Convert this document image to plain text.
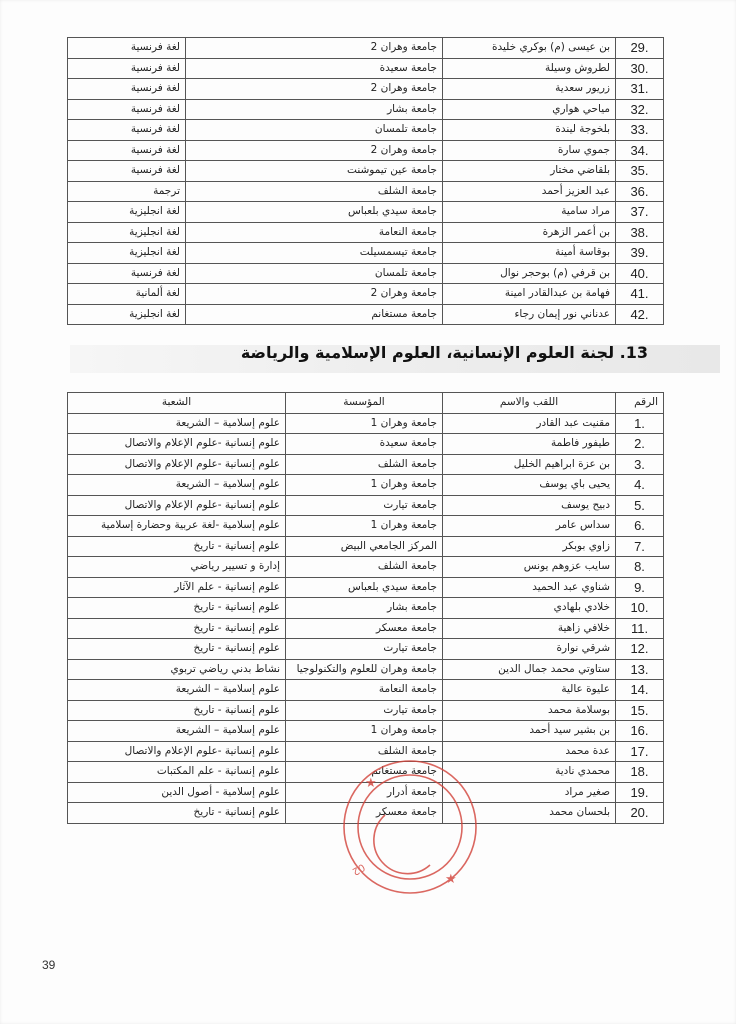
.29	بن عيسى (م) بوكري خليدة	جامعة وهران 2	لغة فرنسية
.30	لطروش وسيلة	جامعة سعيدة	لغة فرنسية
.31	زريور سعدية	جامعة وهران 2	لغة فرنسية
.32	مياحي هواري	جامعة بشار	لغة فرنسية
.33	بلخوجة ليندة	جامعة تلمسان	لغة فرنسية
.34	جموي سارة	جامعة وهران 2	لغة فرنسية
.35	بلقاضي مختار	جامعة عين تيموشنت	لغة فرنسية
.36	عبد العزيز أحمد	جامعة الشلف	ترجمة
.37	مراد سامية	جامعة سيدي بلعباس	لغة انجليزية
.38	بن أعمر الزهرة	جامعة النعامة	لغة انجليزية
.39	بوقاسة أمينة	جامعة تيسمسيلت	لغة انجليزية
.40	بن قرفي (م) بوحجر نوال	جامعة تلمسان	لغة فرنسية
.41	فهامة بن عبدالقادر امينة	جامعة وهران 2	لغة ألمانية
.42	عدناني نور إيمان رجاء	جامعة مستغانم	لغة انجليزية
13. لجنة العلوم الإنسانية، العلوم الإسلامية والرياضة
الرقم	اللقب والاسم	المؤسسة	الشعبة
.1	مقنيت عبد القادر	جامعة وهران 1	علوم إسلامية – الشريعة
.2	طيفور فاطمة	جامعة سعيدة	علوم إنسانية -علوم الإعلام والاتصال
.3	بن عزة ابراهيم الخليل	جامعة الشلف	علوم إنسانية -علوم الإعلام والاتصال
.4	يحيى باي يوسف	جامعة وهران 1	علوم إسلامية – الشريعة
.5	دبيح يوسف	جامعة تيارت	علوم إنسانية -علوم الإعلام والاتصال
.6	سداس عامر	جامعة وهران 1	علوم إسلامية -لغة عربية وحضارة إسلامية
.7	زاوي بوبكر	المركز الجامعي البيض	علوم إنسانية - تاريخ
.8	سايب عزوهم يونس	جامعة الشلف	إدارة و تسيير رياضي
.9	شناوي عبد الحميد	جامعة سيدي بلعباس	علوم إنسانية - علم الآثار
.10	خلادي بلهادي	جامعة بشار	علوم إنسانية - تاريخ
.11	خلافي زاهية	جامعة معسكر	علوم إنسانية - تاريخ
.12	شرقي نوارة	جامعة تيارت	علوم إنسانية - تاريخ
.13	ستاوتي محمد جمال الدين	جامعة وهران للعلوم والتكنولوجيا	نشاط بدني رياضي تربوي
.14	عليوة عالية	جامعة النعامة	علوم إسلامية – الشريعة
.15	بوسلامة محمد	جامعة تيارت	علوم إنسانية - تاريخ
.16	بن بشير سيد أحمد	جامعة وهران 1	علوم إسلامية – الشريعة
.17	عدة محمد	جامعة الشلف	علوم إنسانية -علوم الإعلام والاتصال
.18	محمدي نادية	جامعة مستغانم	علوم إنسانية - علم المكتبات
.19	صغير مراد	جامعة أدرار	علوم إسلامية - أصول الدين
.20	بلحسان محمد	جامعة معسكر	علوم إنسانية - تاريخ
02
★
★
39
